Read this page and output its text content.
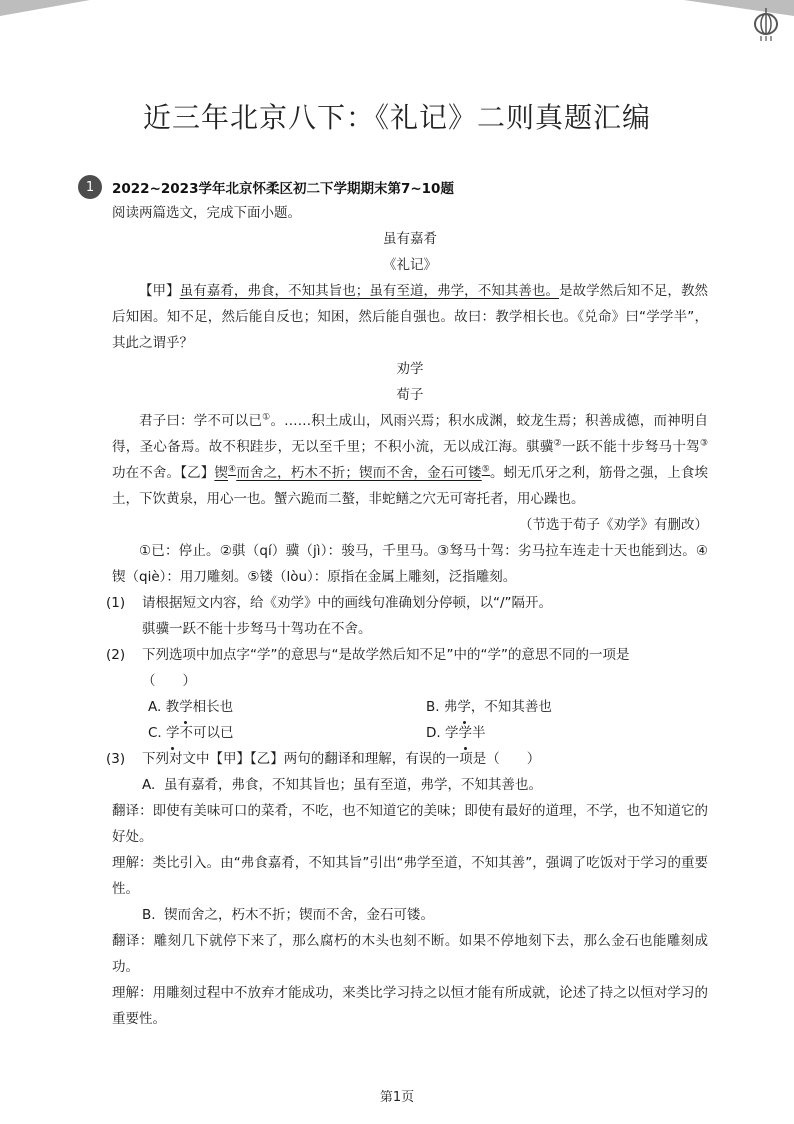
近三年北京八下：《礼记》二则真题汇编
1	2022~2023学年北京怀柔区初二下学期期末第7~10题

阅读两篇选文，完成下面小题。

虽有嘉肴

《礼记》

【甲】虽有嘉肴，弗食，不知其旨也；虽有至道，弗学，不知其善也。是故学然后知不足，教然后知困。知不足，然后能自反也；知困，然后能自强也。故曰：教学相长也。《兑命》曰“学学半”，其此之谓乎？

劝学

荀子

君子曰：学不可以已①。……积土成山，风雨兴焉；积水成渊，蛟龙生焉；积善成德，而神明自得，圣心备焉。故不积跬步，无以至千里；不积小流，无以成江海。骐骥②一跃不能十步驽马十驾③功在不舍。【乙】锲④而舍之，朽木不折；锲而不舍，金石可镂⑤。蚓无爪牙之利，筋骨之强，上食埃土，下饮黄泉，用心一也。蟹六跪而二螯，非蛇鳝之穴无可寄托者，用心躁也。

（节选于荀子《劝学》有删改）

①已：停止。②骐（qí）骥（jì）：骏马，千里马。③驽马十驾：劣马拉车连走十天也能到达。④锲（qiè）：用刀雕刻。⑤镂（lòu）：原指在金属上雕刻，泛指雕刻。

(1)	请根据短文内容，给《劝学》中的画线句准确划分停顿，以“/”隔开。

骐骥一跃不能十步驽马十驾功在不舍。

(2)	下列选项中加点字“学”的意思与“是故学然后知不足”中的“学”的意思不同的一项是

（　　）

A. 教学相长也	B. 弗学，不知其善也
C. 学不可以已	D. 学学半
(3)	下列对文中【甲】【乙】两句的翻译和理解，有误的一项是（　　）
A. 虽有嘉肴，弗食，不知其旨也；虽有至道，弗学，不知其善也。

翻译：即使有美味可口的菜肴，不吃，也不知道它的美味；即使有最好的道理，不学，也不知道它的好处。

理解：类比引入。由“弗食嘉肴，不知其旨”引出“弗学至道，不知其善”，强调了吃饭对于学习的重要性。

B. 锲而舍之，朽木不折；锲而不舍，金石可镂。

翻译：雕刻几下就停下来了，那么腐朽的木头也刻不断。如果不停地刻下去，那么金石也能雕刻成功。

理解：用雕刻过程中不放弃才能成功，来类比学习持之以恒才能有所成就，论述了持之以恒对学习的重要性。

第1页
